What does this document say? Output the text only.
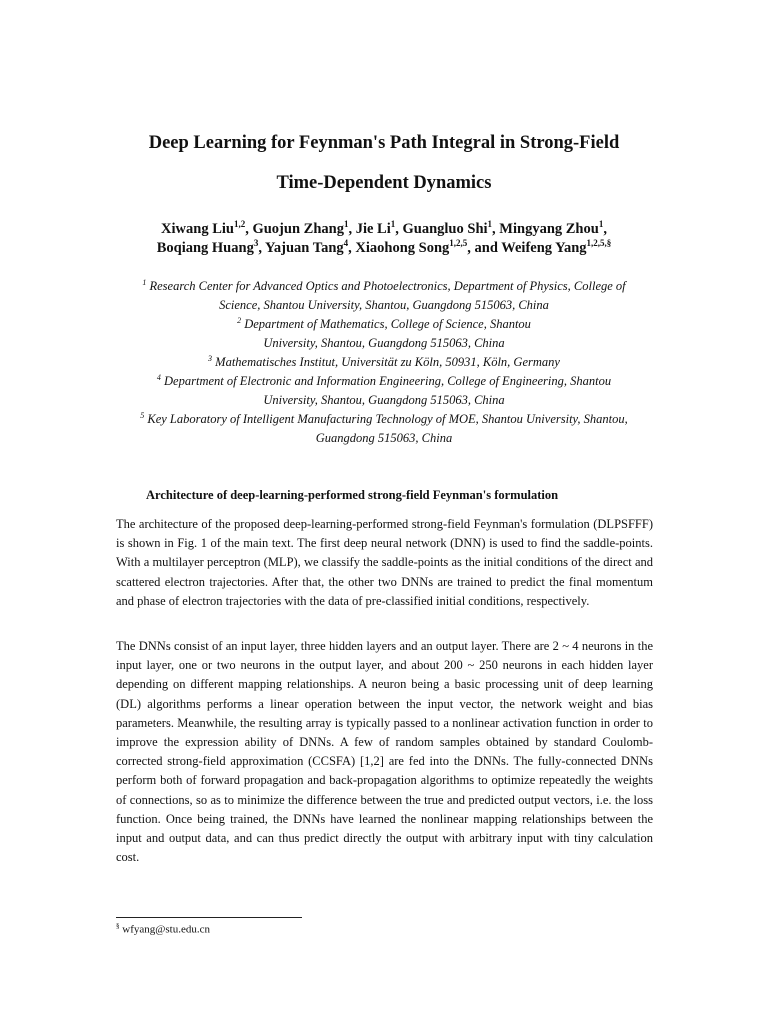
Deep Learning for Feynman's Path Integral in Strong-Field
Time-Dependent Dynamics

Xiwang Liu$^{1,2}$, Guojun Zhang$^1$, Jie Li$^1$, Guangluo Shi$^1$, Mingyang Zhou$^1$,

Boqiang Huang$^3$, Yajuan Tang$^4$, Xiaohong Song$^{1,2,5}$, and Weifeng Yang$^{1,2,5,\S}$

$^1$ Research Center for Advanced Optics and Photoelectronics, Department of Physics, College of
Science, Shantou University, Shantou, Guangdong 515063, China
$^2$ Department of Mathematics, College of Science, Shantou
University, Shantou, Guangdong 515063, China
$^3$ Mathematisches Institut, Universität zu Köln, 50931, Köln, Germany
$^4$ Department of Electronic and Information Engineering, College of Engineering, Shantou
University, Shantou, Guangdong 515063, China
$^5$ Key Laboratory of Intelligent Manufacturing Technology of MOE, Shantou University, Shantou,
Guangdong 515063, China
Architecture of deep-learning-performed strong-field Feynman's formulation

The architecture of the proposed deep-learning-performed strong-field Feynman's formulation (DLPSFFF) is shown in Fig. 1 of the main text. The first deep neural network (DNN) is used to find the saddle-points. With a multilayer perceptron (MLP), we classify the saddle-points as the initial conditions of the direct and scattered electron trajectories. After that, the other two DNNs are trained to predict the final momentum and phase of electron trajectories with the data of pre-classified initial conditions, respectively.

The DNNs consist of an input layer, three hidden layers and an output layer. There are 2 ~ 4 neurons in the input layer, one or two neurons in the output layer, and about 200 ~ 250 neurons in each hidden layer depending on different mapping relationships. A neuron being a basic processing unit of deep learning (DL) algorithms performs a linear operation between the input vector, the network weight and bias parameters. Meanwhile, the resulting array is typically passed to a nonlinear activation function in order to improve the expression ability of DNNs. A few of random samples obtained by standard Coulomb-corrected strong-field approximation (CCSFA) [1,2] are fed into the DNNs. The fully-connected DNNs perform both of forward propagation and back-propagation algorithms to optimize repeatedly the weights of connections, so as to minimize the difference between the true and predicted output vectors, i.e. the loss function. Once being trained, the DNNs have learned the nonlinear mapping relationships between the input and output data, and can thus predict directly the output with arbitrary input with tiny calculation cost.

§ wfyang@stu.edu.cn
